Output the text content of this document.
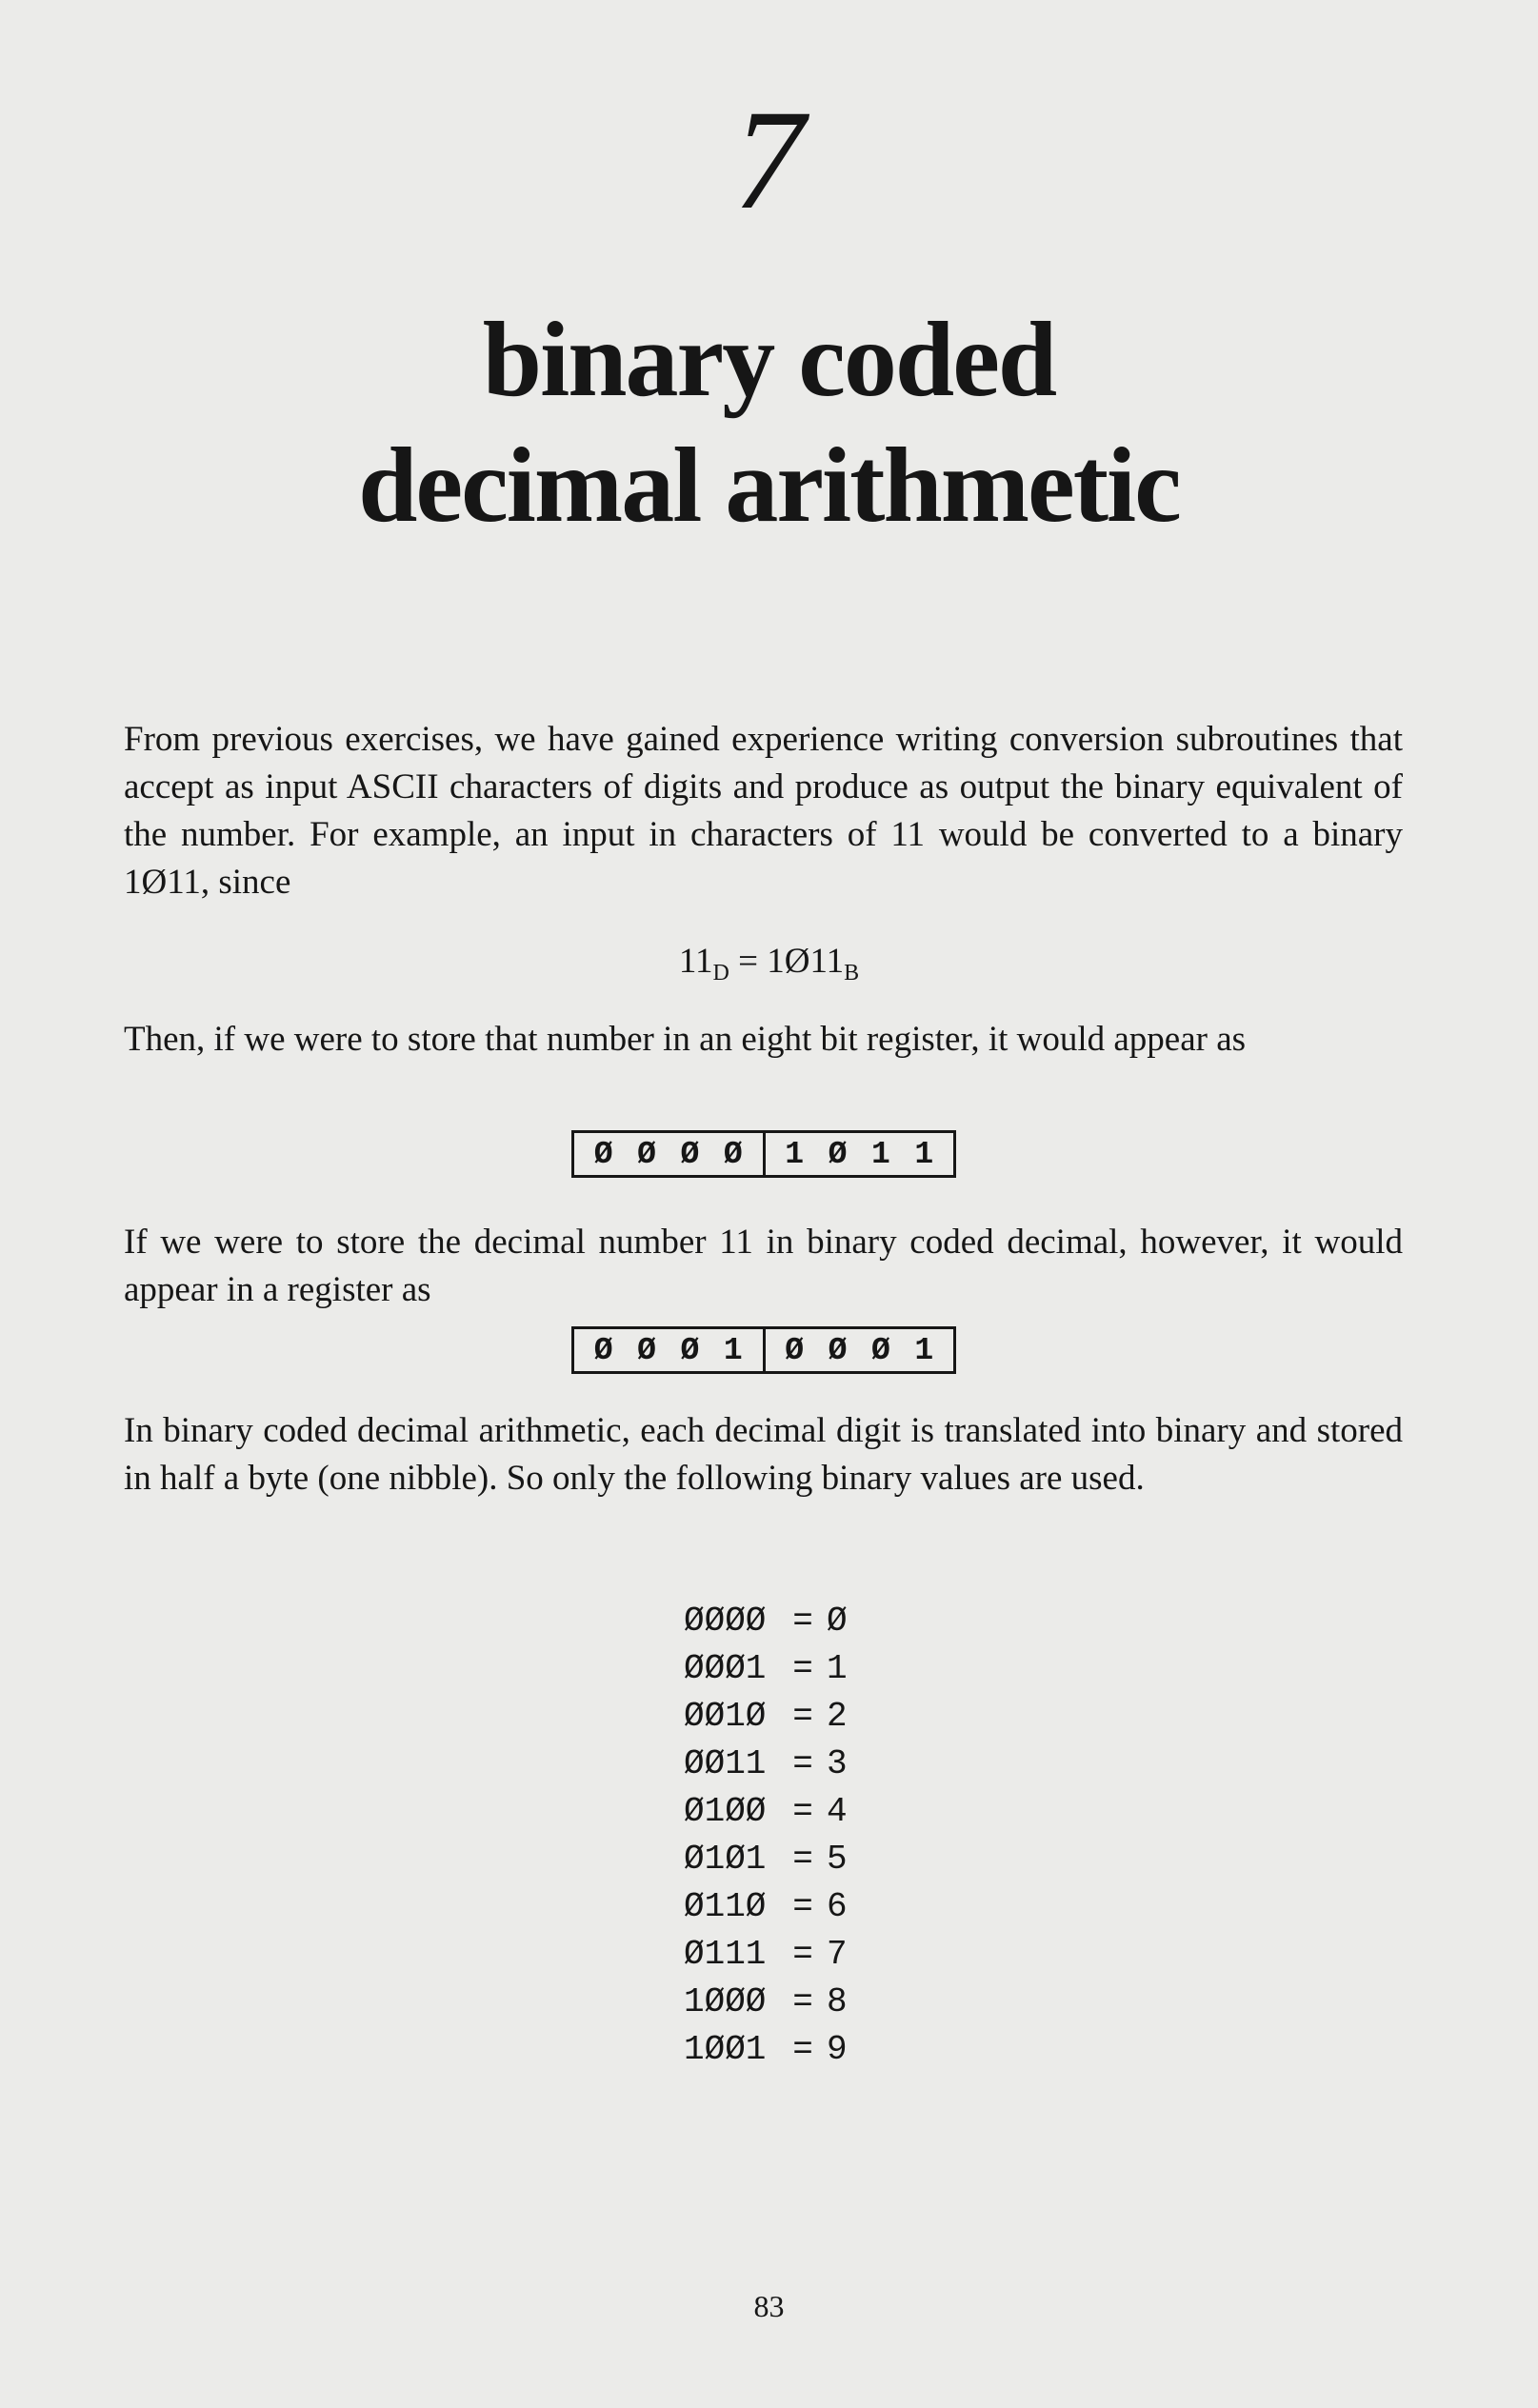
7
binary coded
decimal arithmetic

From previous exercises, we have gained experience writing conversion subroutines that accept as input ASCII characters of digits and produce as output the binary equivalent of the number. For example, an input in characters of 11 would be converted to a binary 1Ø11, since

$11_D$ = $1Ø11_B$

Then, if we were to store that number in an eight bit register, it would appear as

Ø Ø Ø Ø 1 Ø 1 1

If we were to store the decimal number 11 in binary coded decimal, however, it would appear in a register as

Ø Ø Ø 1 Ø Ø Ø 1

In binary coded decimal arithmetic, each decimal digit is translated into binary and stored in half a byte (one nibble). So only the following binary values are used.

ØØØØ = Ø
ØØØ1 = 1
ØØ1Ø = 2
ØØ11 = 3
Ø1ØØ = 4
Ø1Ø1 = 5
Ø11Ø = 6
Ø111 = 7
1ØØØ = 8
1ØØ1 = 9
83
